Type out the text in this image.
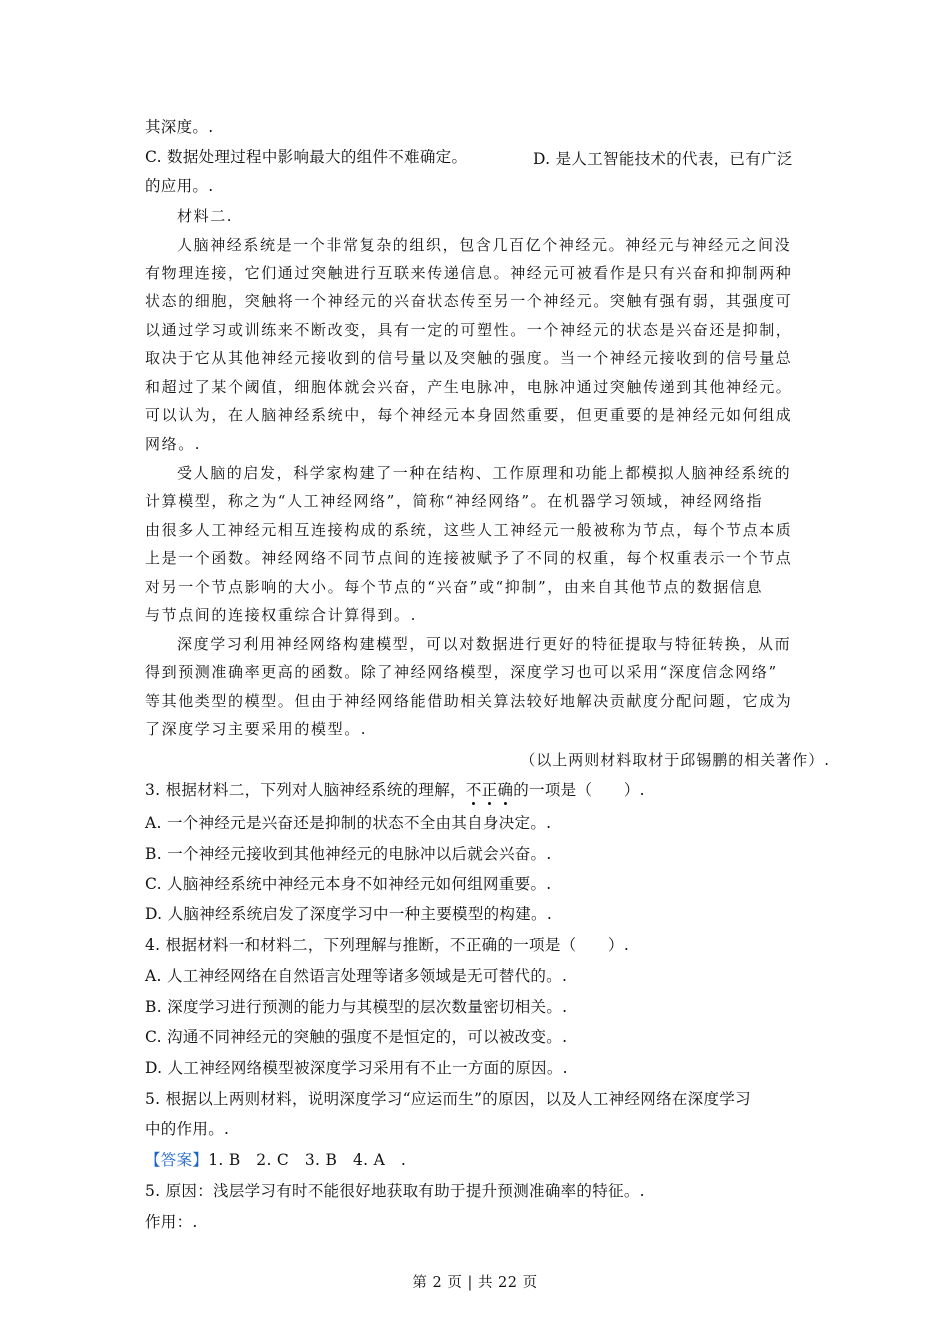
其深度。.
C. 数据处理过程中影响最大的组件不难确定。	D. 是人工智能技术的代表，已有广泛
的应用。.
材料二.
人脑神经系统是一个非常复杂的组织，包含几百亿个神经元。神经元与神经元之间没
有物理连接，它们通过突触进行互联来传递信息。神经元可被看作是只有兴奋和抑制两种
状态的细胞，突触将一个神经元的兴奋状态传至另一个神经元。突触有强有弱，其强度可
以通过学习或训练来不断改变，具有一定的可塑性。一个神经元的状态是兴奋还是抑制，
取决于它从其他神经元接收到的信号量以及突触的强度。当一个神经元接收到的信号量总
和超过了某个阈值，细胞体就会兴奋，产生电脉冲，电脉冲通过突触传递到其他神经元。
可以认为，在人脑神经系统中，每个神经元本身固然重要，但更重要的是神经元如何组成
网络。.
受人脑的启发，科学家构建了一种在结构、工作原理和功能上都模拟人脑神经系统的
计算模型，称之为“人工神经网络”，简称“神经网络”。在机器学习领域，神经网络指
由很多人工神经元相互连接构成的系统，这些人工神经元一般被称为节点，每个节点本质
上是一个函数。神经网络不同节点间的连接被赋予了不同的权重，每个权重表示一个节点
对另一个节点影响的大小。每个节点的“兴奋”或“抑制”，由来自其他节点的数据信息
与节点间的连接权重综合计算得到。.
深度学习利用神经网络构建模型，可以对数据进行更好的特征提取与特征转换，从而
得到预测准确率更高的函数。除了神经网络模型，深度学习也可以采用“深度信念网络”
等其他类型的模型。但由于神经网络能借助相关算法较好地解决贡献度分配问题，它成为
了深度学习主要采用的模型。.
（以上两则材料取材于邱锡鹏的相关著作）.
3. 根据材料二，下列对人脑神经系统的理解，不正确的一项是（　　）.
A. 一个神经元是兴奋还是抑制的状态不全由其自身决定。.
B. 一个神经元接收到其他神经元的电脉冲以后就会兴奋。.
C. 人脑神经系统中神经元本身不如神经元如何组网重要。.
D. 人脑神经系统启发了深度学习中一种主要模型的构建。.
4. 根据材料一和材料二，下列理解与推断，不正确的一项是（　　）.
A. 人工神经网络在自然语言处理等诸多领域是无可替代的。.
B. 深度学习进行预测的能力与其模型的层次数量密切相关。.
C. 沟通不同神经元的突触的强度不是恒定的，可以被改变。.
D. 人工神经网络模型被深度学习采用有不止一方面的原因。.
5. 根据以上两则材料，说明深度学习“应运而生”的原因，以及人工神经网络在深度学习
中的作用。.
【答案】1. B　2. C　3. B　4. A　.
5. 原因：浅层学习有时不能很好地获取有助于提升预测准确率的特征。.
作用：.
第 2 页 | 共 22 页
